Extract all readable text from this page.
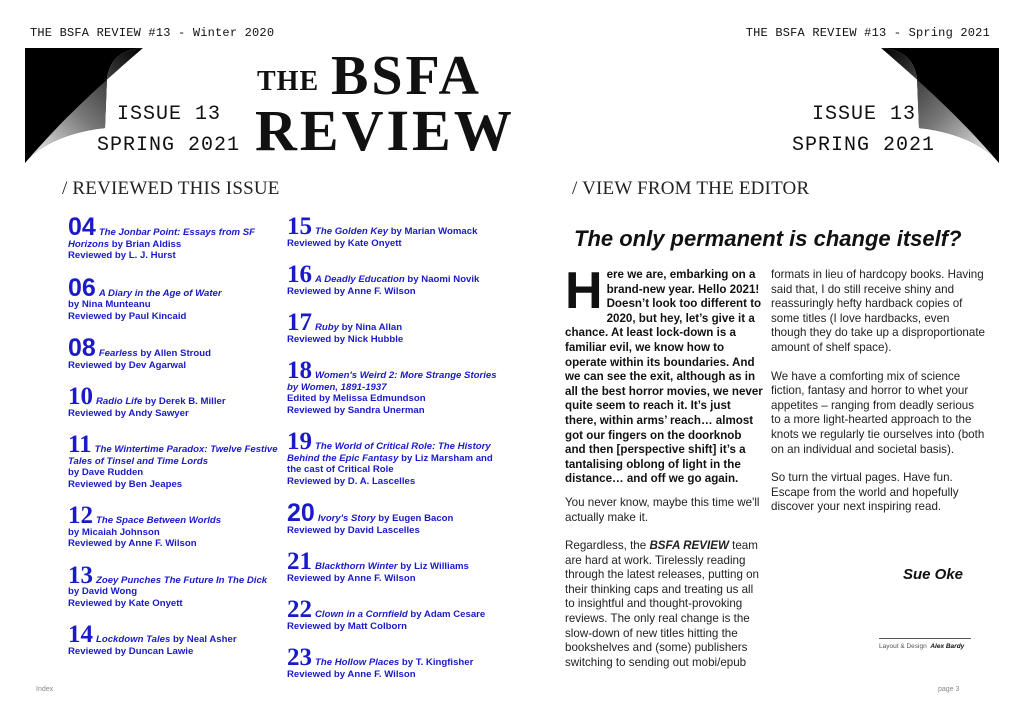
THE BSFA REVIEW #13 - Winter 2020	THE BSFA REVIEW #13 - Spring 2021
ISSUE 13
SPRING 2021
ISSUE 13
SPRING 2021
THE BSFA
REVIEW
/ REVIEWED THIS ISSUE	/ VIEW FROM THE EDITOR
04 The Jonbar Point: Essays from SF Horizons by Brian Aldiss
Reviewed by L. J. Hurst
06 A Diary in the Age of Water
by Nina Munteanu
Reviewed by Paul Kincaid
08 Fearless by Allen Stroud
Reviewed by Dev Agarwal
10 Radio Life by Derek B. Miller
Reviewed by Andy Sawyer
11 The Wintertime Paradox: Twelve Festive Tales of Tinsel and Time Lords
by Dave Rudden
Reviewed by Ben Jeapes
12 The Space Between Worlds
by Micaiah Johnson
Reviewed by Anne F. Wilson
13 Zoey Punches The Future In The Dick
by David Wong
Reviewed by Kate Onyett
14 Lockdown Tales by Neal Asher
Reviewed by Duncan Lawie
15 The Golden Key by Marian Womack
Reviewed by Kate Onyett
16 A Deadly Education by Naomi Novik
Reviewed by Anne F. Wilson
17 Ruby by Nina Allan
Reviewed by Nick Hubble
18 Women's Weird 2: More Strange Stories by Women, 1891-1937
Edited by Melissa Edmundson
Reviewed by Sandra Unerman
19 The World of Critical Role: The History Behind the Epic Fantasy by Liz Marsham and the cast of Critical Role
Reviewed by D. A. Lascelles
20 Ivory's Story by Eugen Bacon
Reviewed by David Lascelles
21 Blackthorn Winter by Liz Williams
Reviewed by Anne F. Wilson
22 Clown in a Cornfield by Adam Cesare
Reviewed by Matt Colborn
23 The Hollow Places by T. Kingfisher
Reviewed by Anne F. Wilson
The only permanent is change itself?

Here we are, embarking on a brand-new year. Hello 2021! Doesn’t look too different to 2020, but hey, let’s give it a chance. At least lock-down is a familiar evil, we know how to operate within its boundaries. And we can see the exit, although as in all the best horror movies, we never quite seem to reach it. It’s just there, within arms’ reach… almost got our fingers on the doorknob and then [perspective shift] it’s a tantalising oblong of light in the distance… and off we go again.

You never know, maybe this time we'll actually make it.

Regardless, the BSFA REVIEW team are hard at work. Tirelessly reading through the latest releases, putting on their thinking caps and treating us all to insightful and thought-provoking reviews. The only real change is the slow-down of new titles hitting the bookshelves and (some) publishers switching to sending out mobi/epub

formats in lieu of hardcopy books. Having said that, I do still receive shiny and reassuringly hefty hardback copies of some titles (I love hardbacks, even though they do take up a disproportionate amount of shelf space).

We have a comforting mix of science fiction, fantasy and horror to whet your appetites – ranging from deadly serious to a more light-hearted approach to the knots we regularly tie ourselves into (both on an individual and societal basis).

So turn the virtual pages. Have fun. Escape from the world and hopefully discover your next inspiring read.

Sue Oke
Layout & Design Alex Bardy
Index	page 3
